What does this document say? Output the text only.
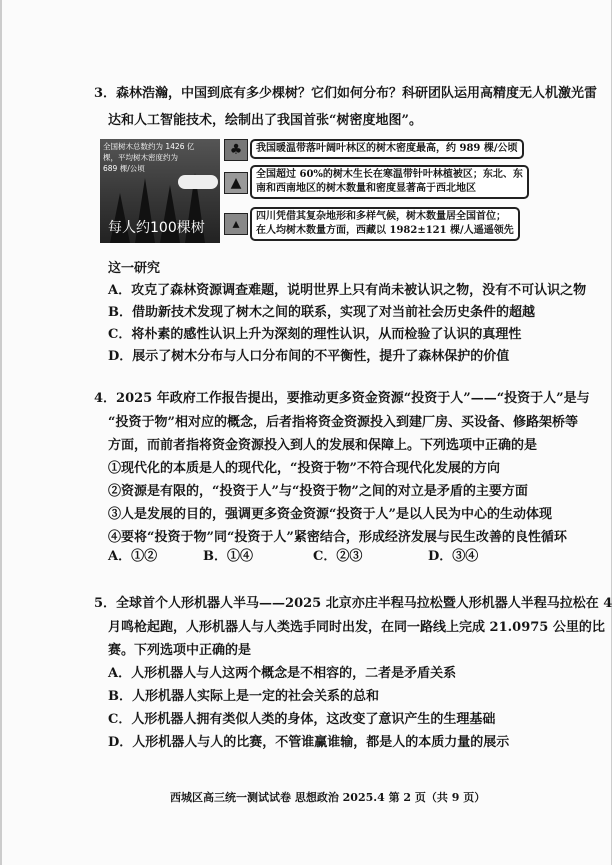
3．森林浩瀚，中国到底有多少棵树？它们如何分布？科研团队运用高精度无人机激光雷
达和人工智能技术，绘制出了我国首张“树密度地图”。
全国树木总数约为 1426 亿
棵，平均树木密度约为
689 棵/公顷
每人约100棵树
♣	我国暖温带落叶阔叶林区的树木密度最高，约 989 棵/公顷
▲
全国超过 60%的树木生长在寒温带针叶林植被区；东北、东
南和西南地区的树木数量和密度显著高于西北地区
▴	四川凭借其复杂地形和多样气候，树木数量居全国首位；
在人均树木数量方面，西藏以 1982±121 棵/人遥遥领先
这一研究
A．攻克了森林资源调查难题，说明世界上只有尚未被认识之物，没有不可认识之物
B．借助新技术发现了树木之间的联系，实现了对当前社会历史条件的超越
C．将朴素的感性认识上升为深刻的理性认识，从而检验了认识的真理性
D．展示了树木分布与人口分布间的不平衡性，提升了森林保护的价值
4．2025 年政府工作报告提出，要推动更多资金资源“投资于人”——“投资于人”是与
“投资于物”相对应的概念，后者指将资金资源投入到建厂房、买设备、修路架桥等
方面，而前者指将资金资源投入到人的发展和保障上。下列选项中正确的是
①现代化的本质是人的现代化，“投资于物”不符合现代化发展的方向
②资源是有限的，“投资于人”与“投资于物”之间的对立是矛盾的主要方面
③人是发展的目的，强调更多资金资源“投资于人”是以人民为中心的生动体现
④要将“投资于物”同“投资于人”紧密结合，形成经济发展与民生改善的良性循环
A．①②	B．①④	C．②③	D．③④
5．全球首个人形机器人半马——2025 北京亦庄半程马拉松暨人形机器人半程马拉松在 4
月鸣枪起跑，人形机器人与人类选手同时出发，在同一路线上完成 21.0975 公里的比
赛。下列选项中正确的是
A．人形机器人与人这两个概念是不相容的，二者是矛盾关系
B．人形机器人实际上是一定的社会关系的总和
C．人形机器人拥有类似人类的身体，这改变了意识产生的生理基础
D．人形机器人与人的比赛，不管谁赢谁输，都是人的本质力量的展示
西城区高三统一测试试卷 思想政治 2025.4 第 2 页（共 9 页）
